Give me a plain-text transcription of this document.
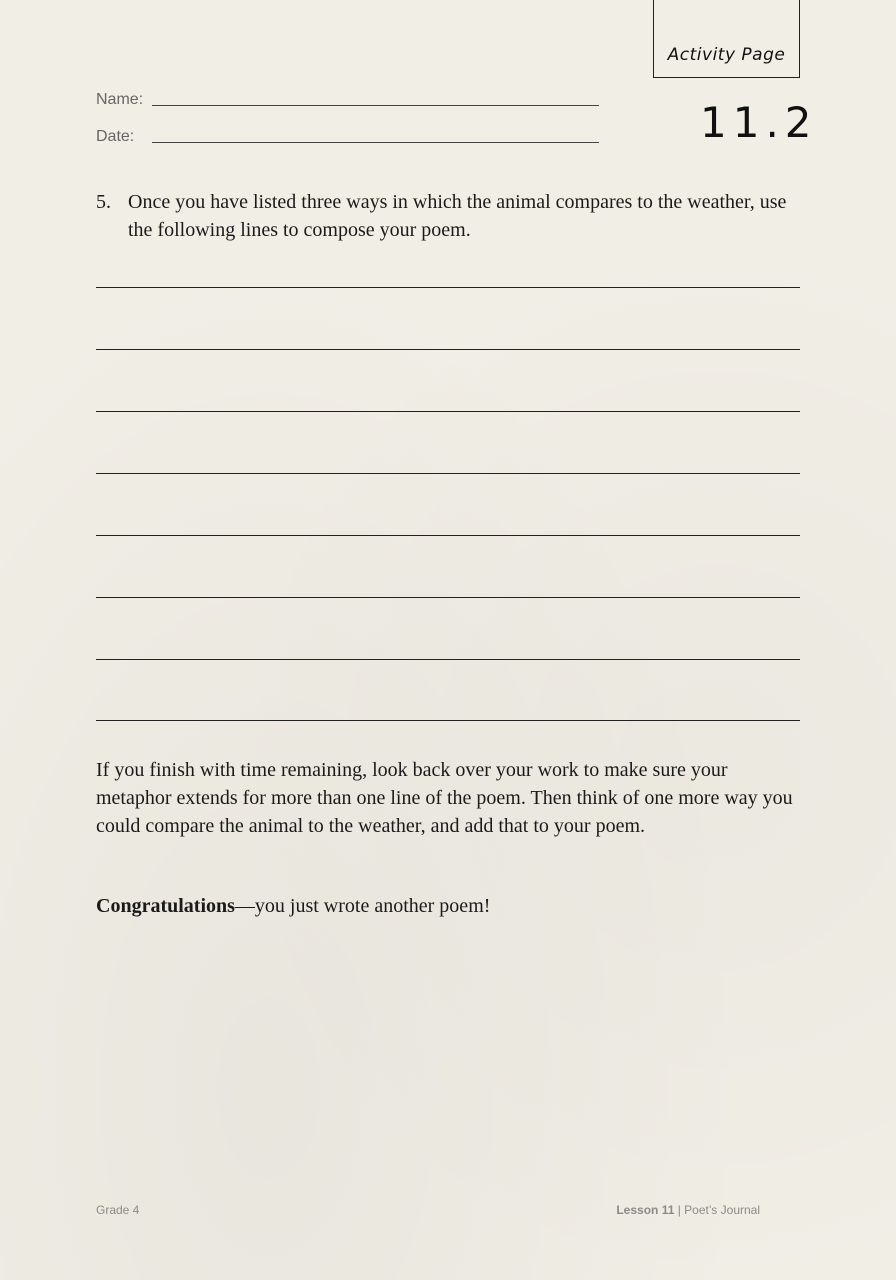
Activity Page
11.2
Name:
Date:
5. Once you have listed three ways in which the animal compares to the weather, use the following lines to compose your poem.
If you finish with time remaining, look back over your work to make sure your metaphor extends for more than one line of the poem. Then think of one more way you could compare the animal to the weather, and add that to your poem.
Congratulations—you just wrote another poem!
Grade 4	Lesson 11 | Poet’s Journal
